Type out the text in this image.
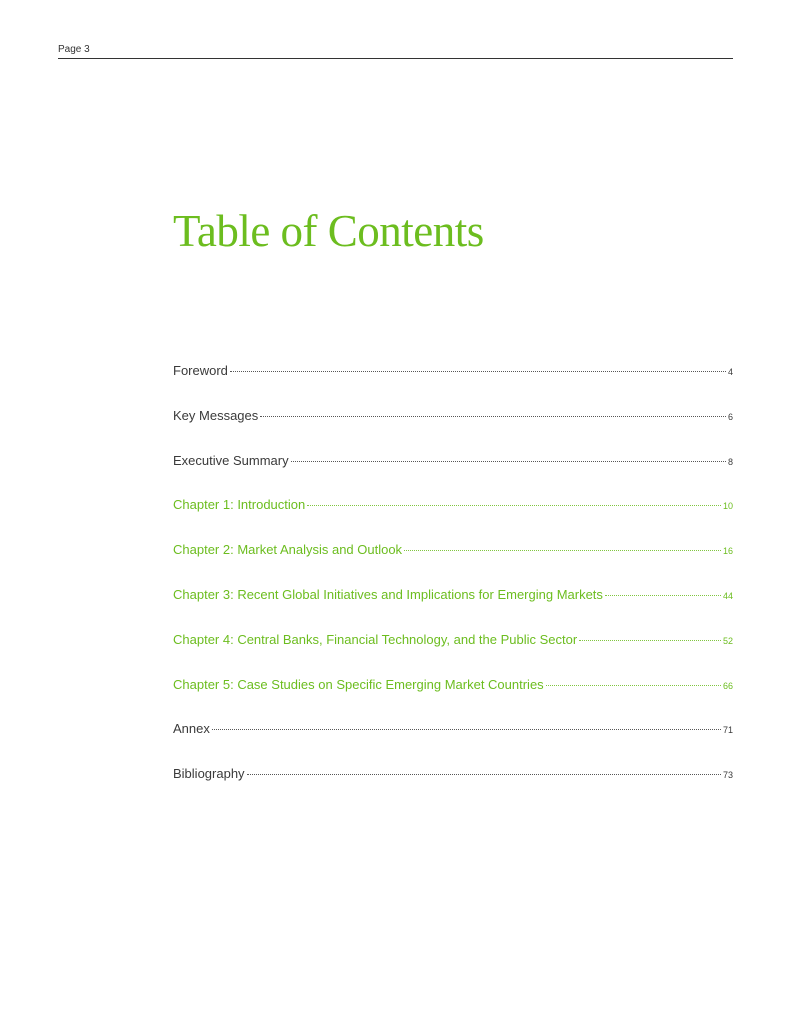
Page 3
Table of Contents
Foreword	4
Key Messages	6
Executive Summary	8
Chapter 1: Introduction	10
Chapter 2: Market Analysis and Outlook	16
Chapter 3: Recent Global Initiatives and Implications for Emerging Markets	44
Chapter 4: Central Banks, Financial Technology, and the Public Sector	52
Chapter 5: Case Studies on Specific Emerging Market Countries	66
Annex	71
Bibliography	73
